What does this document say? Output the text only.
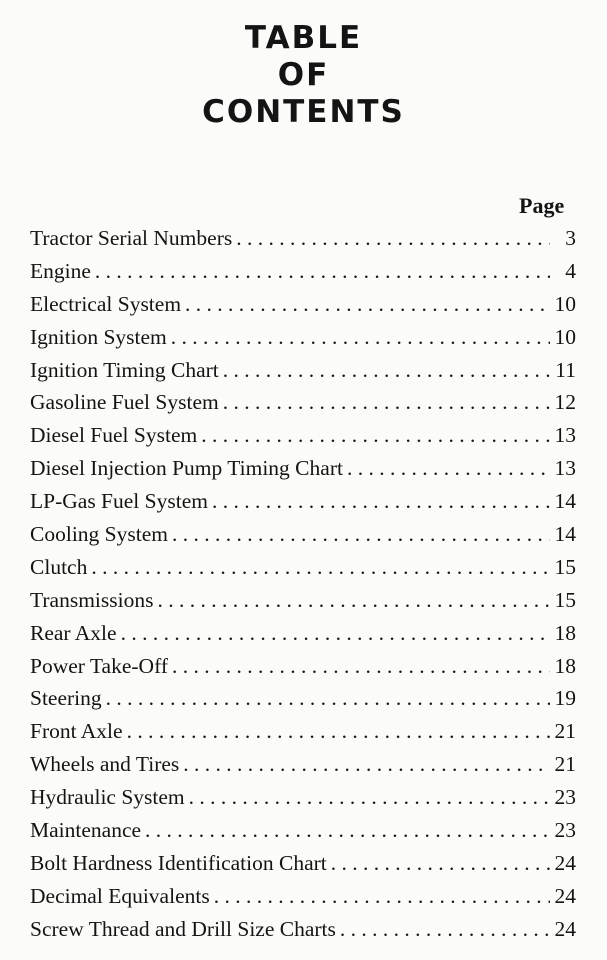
TABLE
OF
CONTENTS
Page
Tractor Serial Numbers . . .	3
Engine . . .	4
Electrical System . . .	10
Ignition System . . .	10
Ignition Timing Chart . . .	11
Gasoline Fuel System . . .	12
Diesel Fuel System . . .	13
Diesel Injection Pump Timing Chart . . .	13
LP-Gas Fuel System . . .	14
Cooling System . . .	14
Clutch . . .	15
Transmissions . . .	15
Rear Axle . . .	18
Power Take-Off . . .	18
Steering . . .	19
Front Axle . . .	21
Wheels and Tires . . .	21
Hydraulic System . . .	23
Maintenance . . .	23
Bolt Hardness Identification Chart . . .	24
Decimal Equivalents . . .	24
Screw Thread and Drill Size Charts . . .	24
